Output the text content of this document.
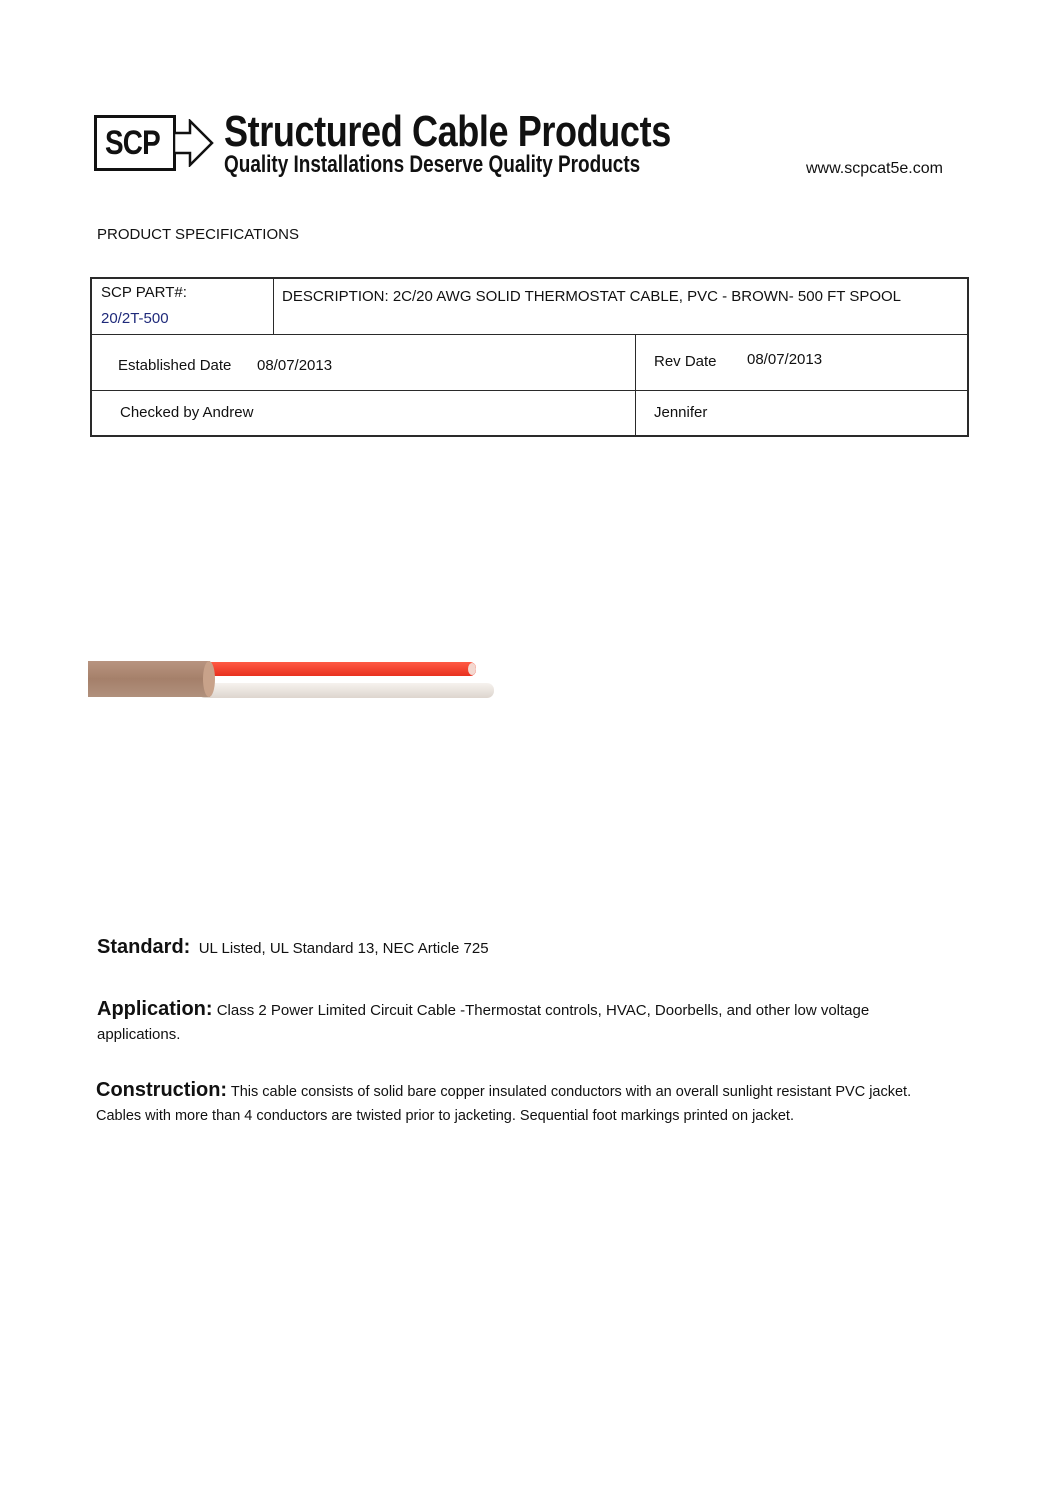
SCP Structured Cable Products
Quality Installations Deserve Quality Products	www.scpcat5e.com
PRODUCT SPECIFICATIONS
SCP PART#:
20/2T-500
DESCRIPTION: 2C/20 AWG SOLID THERMOSTAT CABLE, PVC - BROWN- 500 FT SPOOL
Established Date 08/07/2013	Rev Date 08/07/2013
Checked by Andrew	Jennifer
Standard: UL Listed, UL Standard 13, NEC Article 725
Application: Class 2 Power Limited Circuit Cable -Thermostat controls, HVAC, Doorbells, and other low voltage applications.
Construction: This cable consists of solid bare copper insulated conductors with an overall sunlight resistant PVC jacket. Cables with more than 4 conductors are twisted prior to jacketing. Sequential foot markings printed on jacket.
